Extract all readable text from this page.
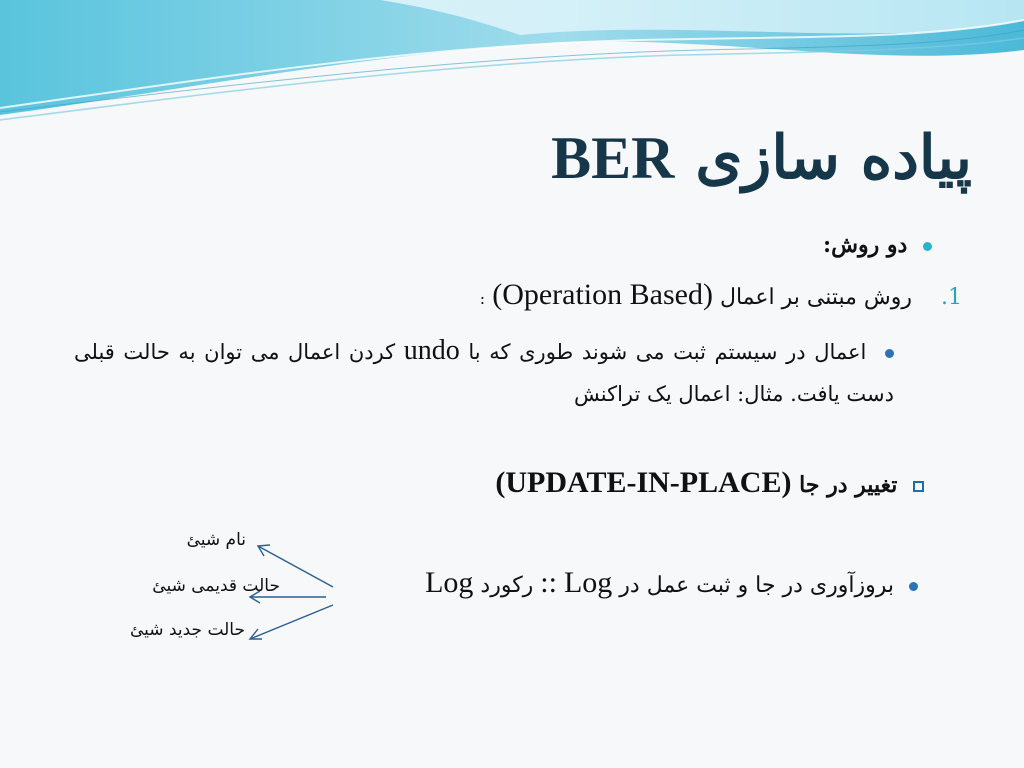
پیاده سازی BER
دو روش:
1. روش مبتنی بر اعمال (Operation Based) :
اعمال در سیستم ثبت می شوند طوری که با undo کردن اعمال می توان به حالت قبلی دست یافت. مثال: اعمال یک تراکنش
تغییر در جا (UPDATE-IN-PLACE)
بروزآوری در جا و ثبت عمل در Log :: رکورد Log
نام شیئ
حالت قدیمی شیئ
حالت جدید شیئ
